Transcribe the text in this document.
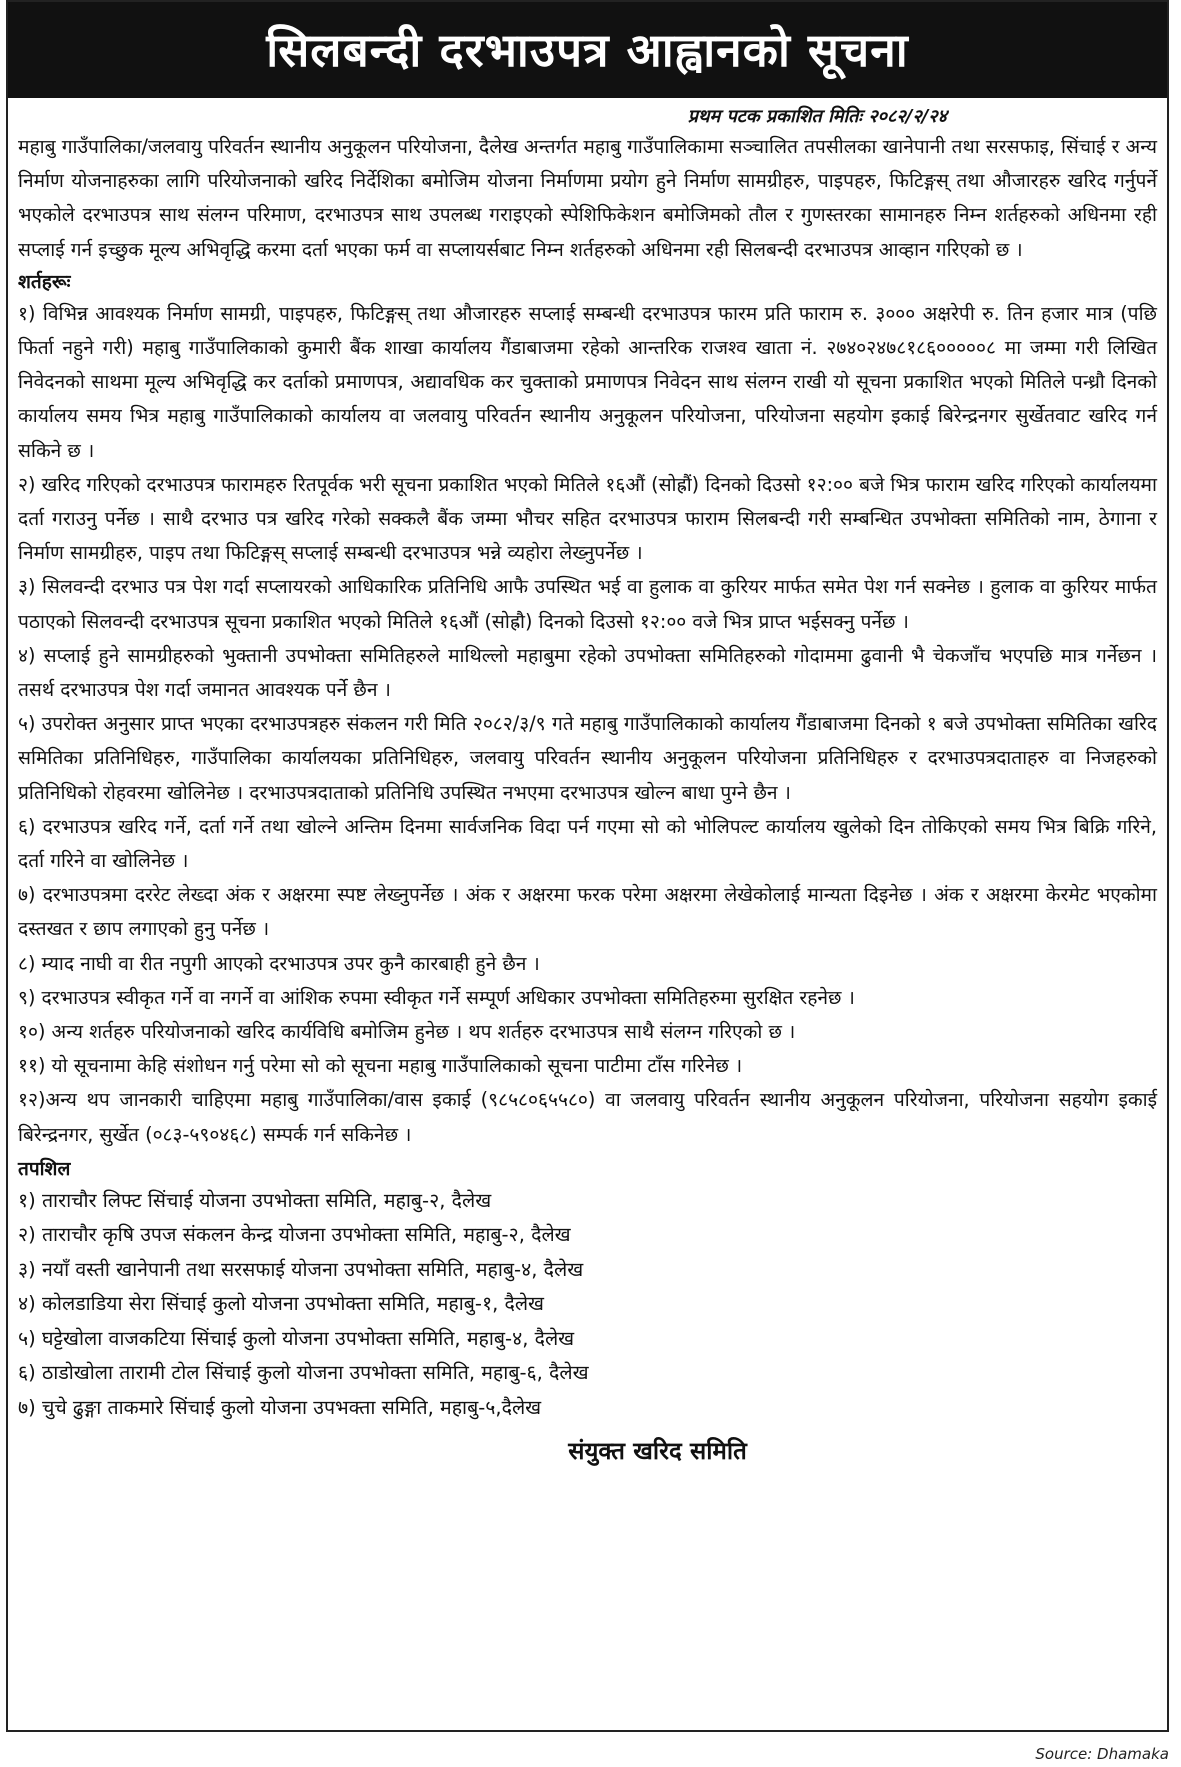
सिलबन्दी दरभाउपत्र आह्वानको सूचना
प्रथम पटक प्रकाशित मितिः २०८२/२/२४

महाबु गाउँपालिका/जलवायु परिवर्तन स्थानीय अनुकूलन परियोजना, दैलेख अन्तर्गत महाबु गाउँपालिकामा सञ्चालित तपसीलका खानेपानी तथा सरसफाइ, सिंचाई र अन्य निर्माण योजनाहरुका लागि परियोजनाको खरिद निर्देशिका बमोजिम योजना निर्माणमा प्रयोग हुने निर्माण सामग्रीहरु, पाइपहरु, फिटिङ्गस् तथा औजारहरु खरिद गर्नुपर्ने भएकोले दरभाउपत्र साथ संलग्न परिमाण, दरभाउपत्र साथ उपलब्ध गराइएको स्पेशिफिकेशन बमोजिमको तौल र गुणस्तरका सामानहरु निम्न शर्तहरुको अधिनमा रही सप्लाई गर्न इच्छुक मूल्य अभिवृद्धि करमा दर्ता भएका फर्म वा सप्लायर्सबाट निम्न शर्तहरुको अधिनमा रही सिलबन्दी दरभाउपत्र आव्हान गरिएको छ ।

शर्तहरूः

१) विभिन्न आवश्यक निर्माण सामग्री, पाइपहरु, फिटिङ्गस् तथा औजारहरु सप्लाई सम्बन्धी दरभाउपत्र फारम प्रति फाराम रु. ३००० अक्षरेपी रु. तिन हजार मात्र (पछि फिर्ता नहुने गरी) महाबु गाउँपालिकाको कुमारी बैंक शाखा कार्यालय गैंडाबाजमा रहेको आन्तरिक राजश्व खाता नं. २७४०२४७८१८६०००००८ मा जम्मा गरी लिखित निवेदनको साथमा मूल्य अभिवृद्धि कर दर्ताको प्रमाणपत्र, अद्यावधिक कर चुक्ताको प्रमाणपत्र निवेदन साथ संलग्न राखी यो सूचना प्रकाशित भएको मितिले पन्ध्रौ दिनको कार्यालय समय भित्र महाबु गाउँपालिकाको कार्यालय वा जलवायु परिवर्तन स्थानीय अनुकूलन परियोजना, परियोजना सहयोग इकाई बिरेन्द्रनगर सुर्खेतवाट खरिद गर्न सकिने छ ।

२) खरिद गरिएको दरभाउपत्र फारामहरु रितपूर्वक भरी सूचना प्रकाशित भएको मितिले १६औं (सोह्रौं) दिनको दिउसो १२:०० बजे भित्र फाराम खरिद गरिएको कार्यालयमा दर्ता गराउनु पर्नेछ । साथै दरभाउ पत्र खरिद गरेको सक्कलै बैंक जम्मा भौचर सहित दरभाउपत्र फाराम सिलबन्दी गरी सम्बन्धित उपभोक्ता समितिको नाम, ठेगाना र निर्माण सामग्रीहरु, पाइप तथा फिटिङ्गस् सप्लाई सम्बन्धी दरभाउपत्र भन्ने व्यहोरा लेख्नुपर्नेछ ।

३) सिलवन्दी दरभाउ पत्र पेश गर्दा सप्लायरको आधिकारिक प्रतिनिधि आफै उपस्थित भई वा हुलाक वा कुरियर मार्फत समेत पेश गर्न सक्नेछ । हुलाक वा कुरियर मार्फत पठाएको सिलवन्दी दरभाउपत्र सूचना प्रकाशित भएको मितिले १६औं (सोह्रौ) दिनको दिउसो १२:०० वजे भित्र प्राप्त भईसक्नु पर्नेछ ।

४) सप्लाई हुने सामग्रीहरुको भुक्तानी उपभोक्ता समितिहरुले माथिल्लो महाबुमा रहेको उपभोक्ता समितिहरुको गोदाममा ढुवानी भै चेकजाँच भएपछि मात्र गर्नेछन । तसर्थ दरभाउपत्र पेश गर्दा जमानत आवश्यक पर्ने छैन ।

५) उपरोक्त अनुसार प्राप्त भएका दरभाउपत्रहरु संकलन गरी मिति २०८२/३/९ गते महाबु गाउँपालिकाको कार्यालय गैंडाबाजमा दिनको १ बजे उपभोक्ता समितिका खरिद समितिका प्रतिनिधिहरु, गाउँपालिका कार्यालयका प्रतिनिधिहरु, जलवायु परिवर्तन स्थानीय अनुकूलन परियोजना प्रतिनिधिहरु र दरभाउपत्रदाताहरु वा निजहरुको प्रतिनिधिको रोहवरमा खोलिनेछ । दरभाउपत्रदाताको प्रतिनिधि उपस्थित नभएमा दरभाउपत्र खोल्न बाधा पुग्ने छैन ।

६) दरभाउपत्र खरिद गर्ने, दर्ता गर्ने तथा खोल्ने अन्तिम दिनमा सार्वजनिक विदा पर्न गएमा सो को भोलिपल्ट कार्यालय खुलेको दिन तोकिएको समय भित्र बिक्रि गरिने, दर्ता गरिने वा खोलिनेछ ।

७) दरभाउपत्रमा दररेट लेख्दा अंक र अक्षरमा स्पष्ट लेख्नुपर्नेछ । अंक र अक्षरमा फरक परेमा अक्षरमा लेखेकोलाई मान्यता दिइनेछ । अंक र अक्षरमा केरमेट भएकोमा दस्तखत र छाप लगाएको हुनु पर्नेछ ।

८) म्याद नाघी वा रीत नपुगी आएको दरभाउपत्र उपर कुनै कारबाही हुने छैन ।

९) दरभाउपत्र स्वीकृत गर्ने वा नगर्ने वा आंशिक रुपमा स्वीकृत गर्ने सम्पूर्ण अधिकार उपभोक्ता समितिहरुमा सुरक्षित रहनेछ ।

१०) अन्य शर्तहरु परियोजनाको खरिद कार्यविधि बमोजिम हुनेछ । थप शर्तहरु दरभाउपत्र साथै संलग्न गरिएको छ ।

११) यो सूचनामा केहि संशोधन गर्नु परेमा सो को सूचना महाबु गाउँपालिकाको सूचना पाटीमा टाँस गरिनेछ ।

१२)अन्य थप जानकारी चाहिएमा महाबु गाउँपालिका/वास इकाई (९८५८०६५५८०) वा जलवायु परिवर्तन स्थानीय अनुकूलन परियोजना, परियोजना सहयोग इकाई बिरेन्द्रनगर, सुर्खेत (०८३-५९०४६८) सम्पर्क गर्न सकिनेछ ।

तपशिल
१) ताराचौर लिफ्ट सिंचाई योजना उपभोक्ता समिति, महाबु-२, दैलेख
२) ताराचौर कृषि उपज संकलन केन्द्र योजना उपभोक्ता समिति, महाबु-२, दैलेख
३) नयाँ वस्ती खानेपानी तथा सरसफाई योजना उपभोक्ता समिति, महाबु-४, दैलेख
४) कोलडाडिया सेरा सिंचाई कुलो योजना उपभोक्ता समिति, महाबु-१, दैलेख
५) घट्टेखोला वाजकटिया सिंचाई कुलो योजना उपभोक्ता समिति, महाबु-४, दैलेख
६) ठाडोखोला तारामी टोल सिंचाई कुलो योजना उपभोक्ता समिति, महाबु-६, दैलेख
७) चुचे ढुङ्गा ताकमारे सिंचाई कुलो योजना उपभक्ता समिति, महाबु-५,दैलेख
संयुक्त खरिद समिति
Source: Dhamaka
